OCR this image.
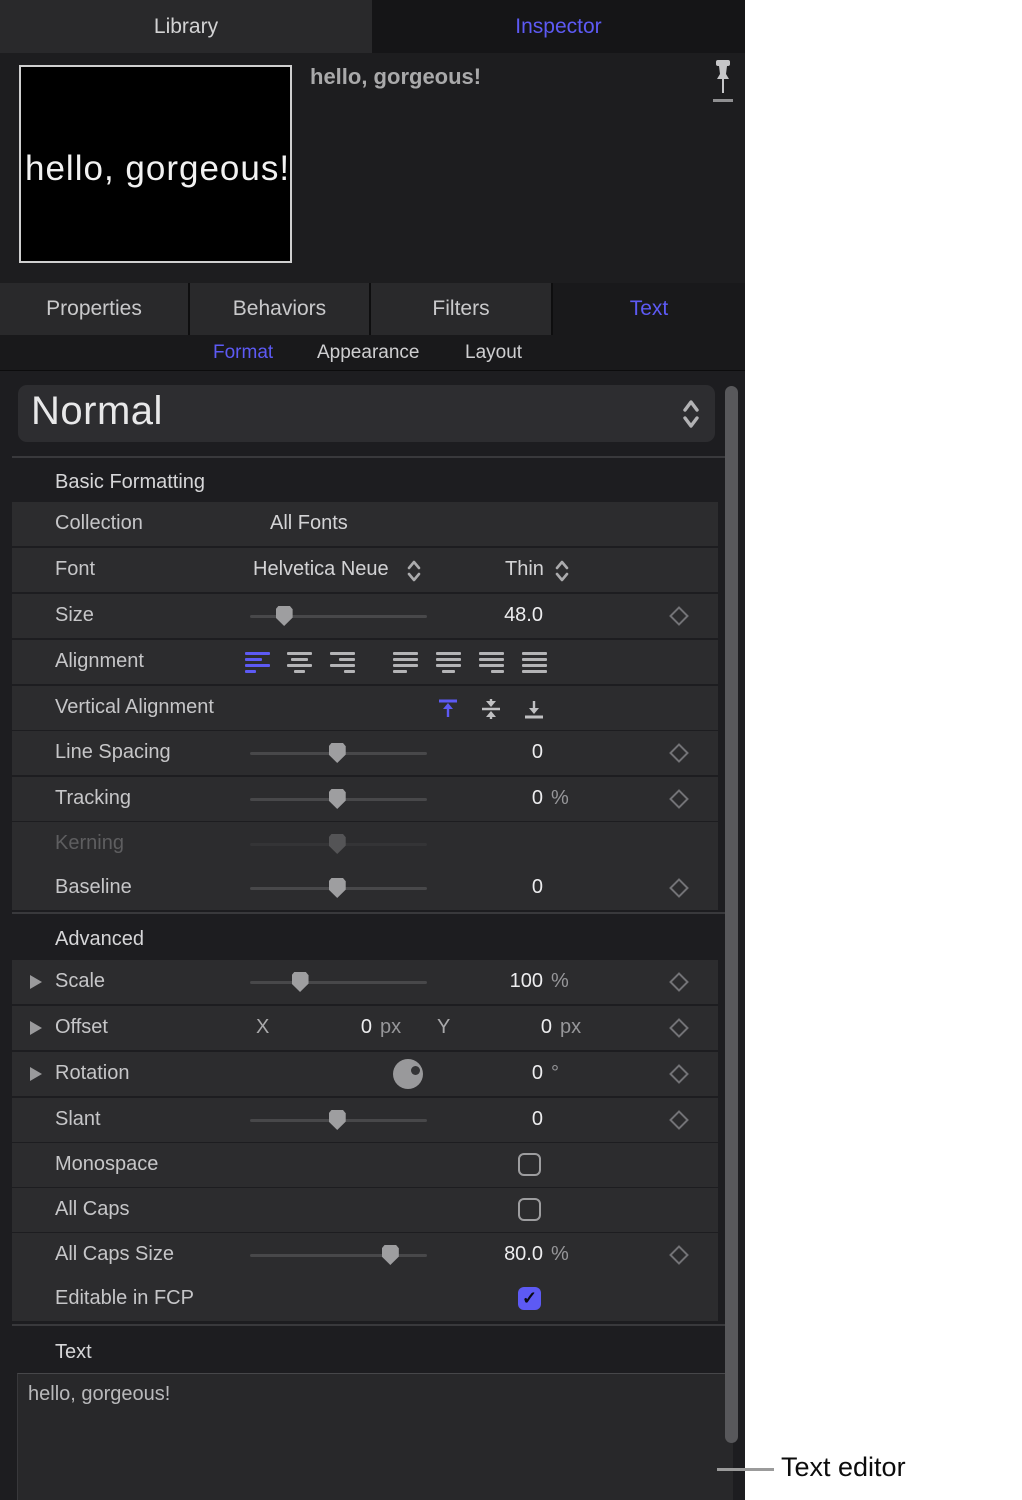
Library	Inspector
hello, gorgeous!
hello, gorgeous!
Properties	Behaviors	Filters	Text
Format Appearance Layout
Normal
Basic Formatting
Collection	All Fonts
Font	Helvetica Neue	Thin
Size	48.0
Alignment
Vertical Alignment
Line Spacing	0
Tracking	0 %
Kerning
Baseline	0
Advanced
Scale	100 %
Offset	X	0 px Y	0 px
Rotation	0 °
Slant	0
Monospace
All Caps
All Caps Size	80.0 %
Editable in FCP	✓
Text
hello, gorgeous!
Text editor
